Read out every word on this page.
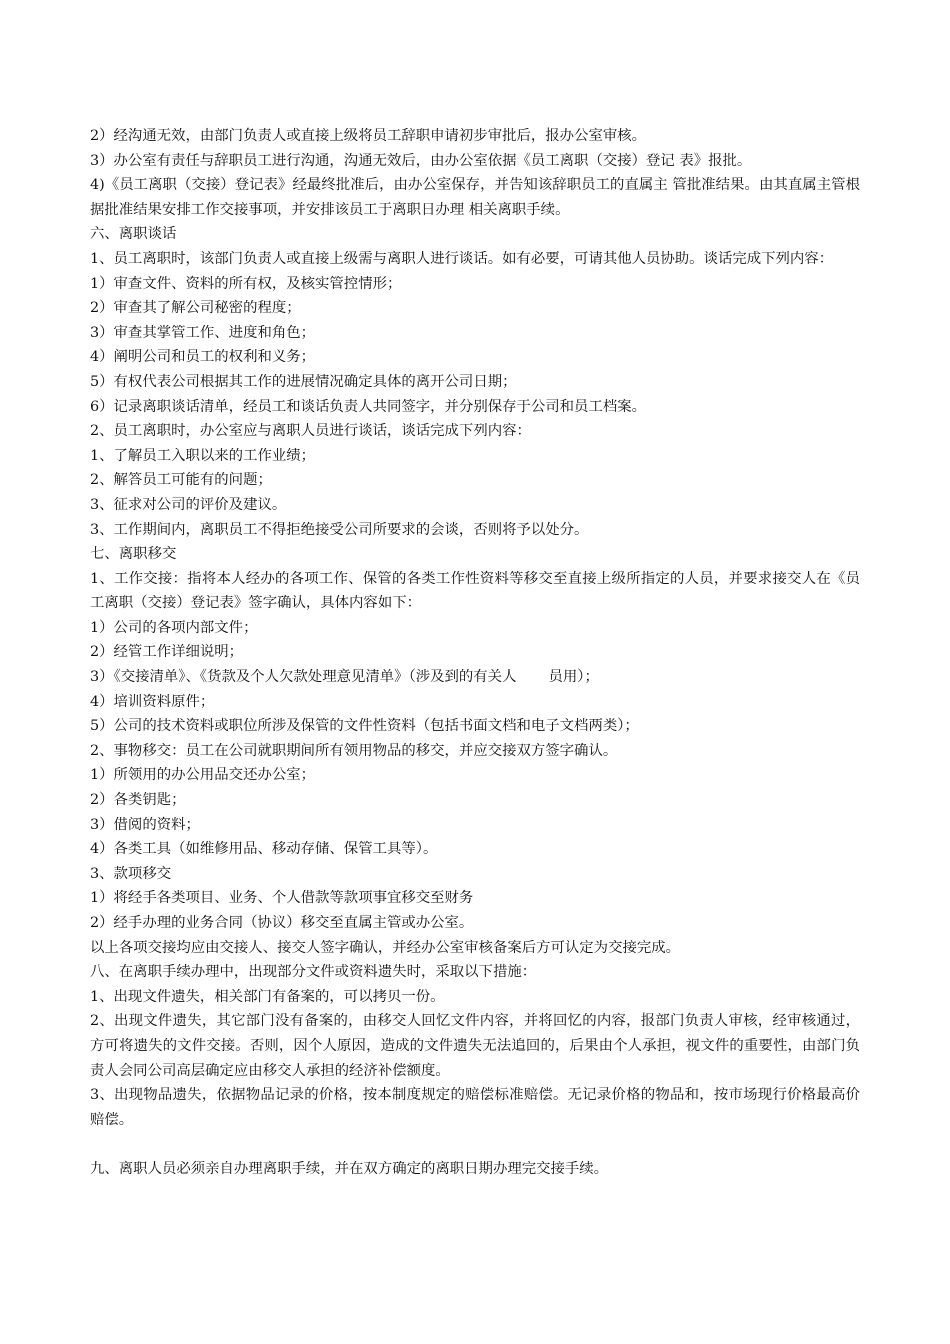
2）经沟通无效，由部门负责人或直接上级将员工辞职申请初步审批后，报办公室审核。
3）办公室有责任与辞职员工进行沟通，沟通无效后，由办公室依据《员工离职（交接）登记 表》报批。
4)《员工离职（交接）登记表》经最终批准后，由办公室保存，并告知该辞职员工的直属主 管批准结果。由其直属主管根据批准结果安排工作交接事项，并安排该员工于离职日办理 相关离职手续。
六、离职谈话
1、员工离职时，该部门负责人或直接上级需与离职人进行谈话。如有必要，可请其他人员协助。谈话完成下列内容：
1）审查文件、资料的所有权，及核实管控情形；
2）审查其了解公司秘密的程度；
3）审查其掌管工作、进度和角色；
4）阐明公司和员工的权利和义务；
5）有权代表公司根据其工作的进展情况确定具体的离开公司日期；
6）记录离职谈话清单，经员工和谈话负责人共同签字，并分别保存于公司和员工档案。
2、员工离职时，办公室应与离职人员进行谈话，谈话完成下列内容：
1、了解员工入职以来的工作业绩；
2、解答员工可能有的问题；
3、征求对公司的评价及建议。
3、工作期间内，离职员工不得拒绝接受公司所要求的会谈，否则将予以处分。
七、离职移交
1、工作交接：指将本人经办的各项工作、保管的各类工作性资料等移交至直接上级所指定的人员，并要求接交人在《员工离职（交接）登记表》签字确认，具体内容如下：
1）公司的各项内部文件；
2）经管工作详细说明；
3）《交接清单》、《货款及个人欠款处理意见清单》（涉及到的有关人       员用）；
4）培训资料原件；
5）公司的技术资料或职位所涉及保管的文件性资料（包括书面文档和电子文档两类）；
2、事物移交：员工在公司就职期间所有领用物品的移交，并应交接双方签字确认。
1）所领用的办公用品交还办公室；
2）各类钥匙；
3）借阅的资料；
4）各类工具（如维修用品、移动存储、保管工具等）。
3、款项移交
1）将经手各类项目、业务、个人借款等款项事宜移交至财务
2）经手办理的业务合同（协议）移交至直属主管或办公室。
以上各项交接均应由交接人、接交人签字确认，并经办公室审核备案后方可认定为交接完成。
八、在离职手续办理中，出现部分文件或资料遗失时，采取以下措施：
1、出现文件遗失，相关部门有备案的，可以拷贝一份。
2、出现文件遗失，其它部门没有备案的，由移交人回忆文件内容，并将回忆的内容，报部门负责人审核，经审核通过，方可将遗失的文件交接。否则，因个人原因，造成的文件遗失无法追回的，后果由个人承担，视文件的重要性，由部门负责人会同公司高层确定应由移交人承担的经济补偿额度。
3、出现物品遗失，依据物品记录的价格，按本制度规定的赔偿标准赔偿。无记录价格的物品和，按市场现行价格最高价赔偿。
九、离职人员必须亲自办理离职手续，并在双方确定的离职日期办理完交接手续。
